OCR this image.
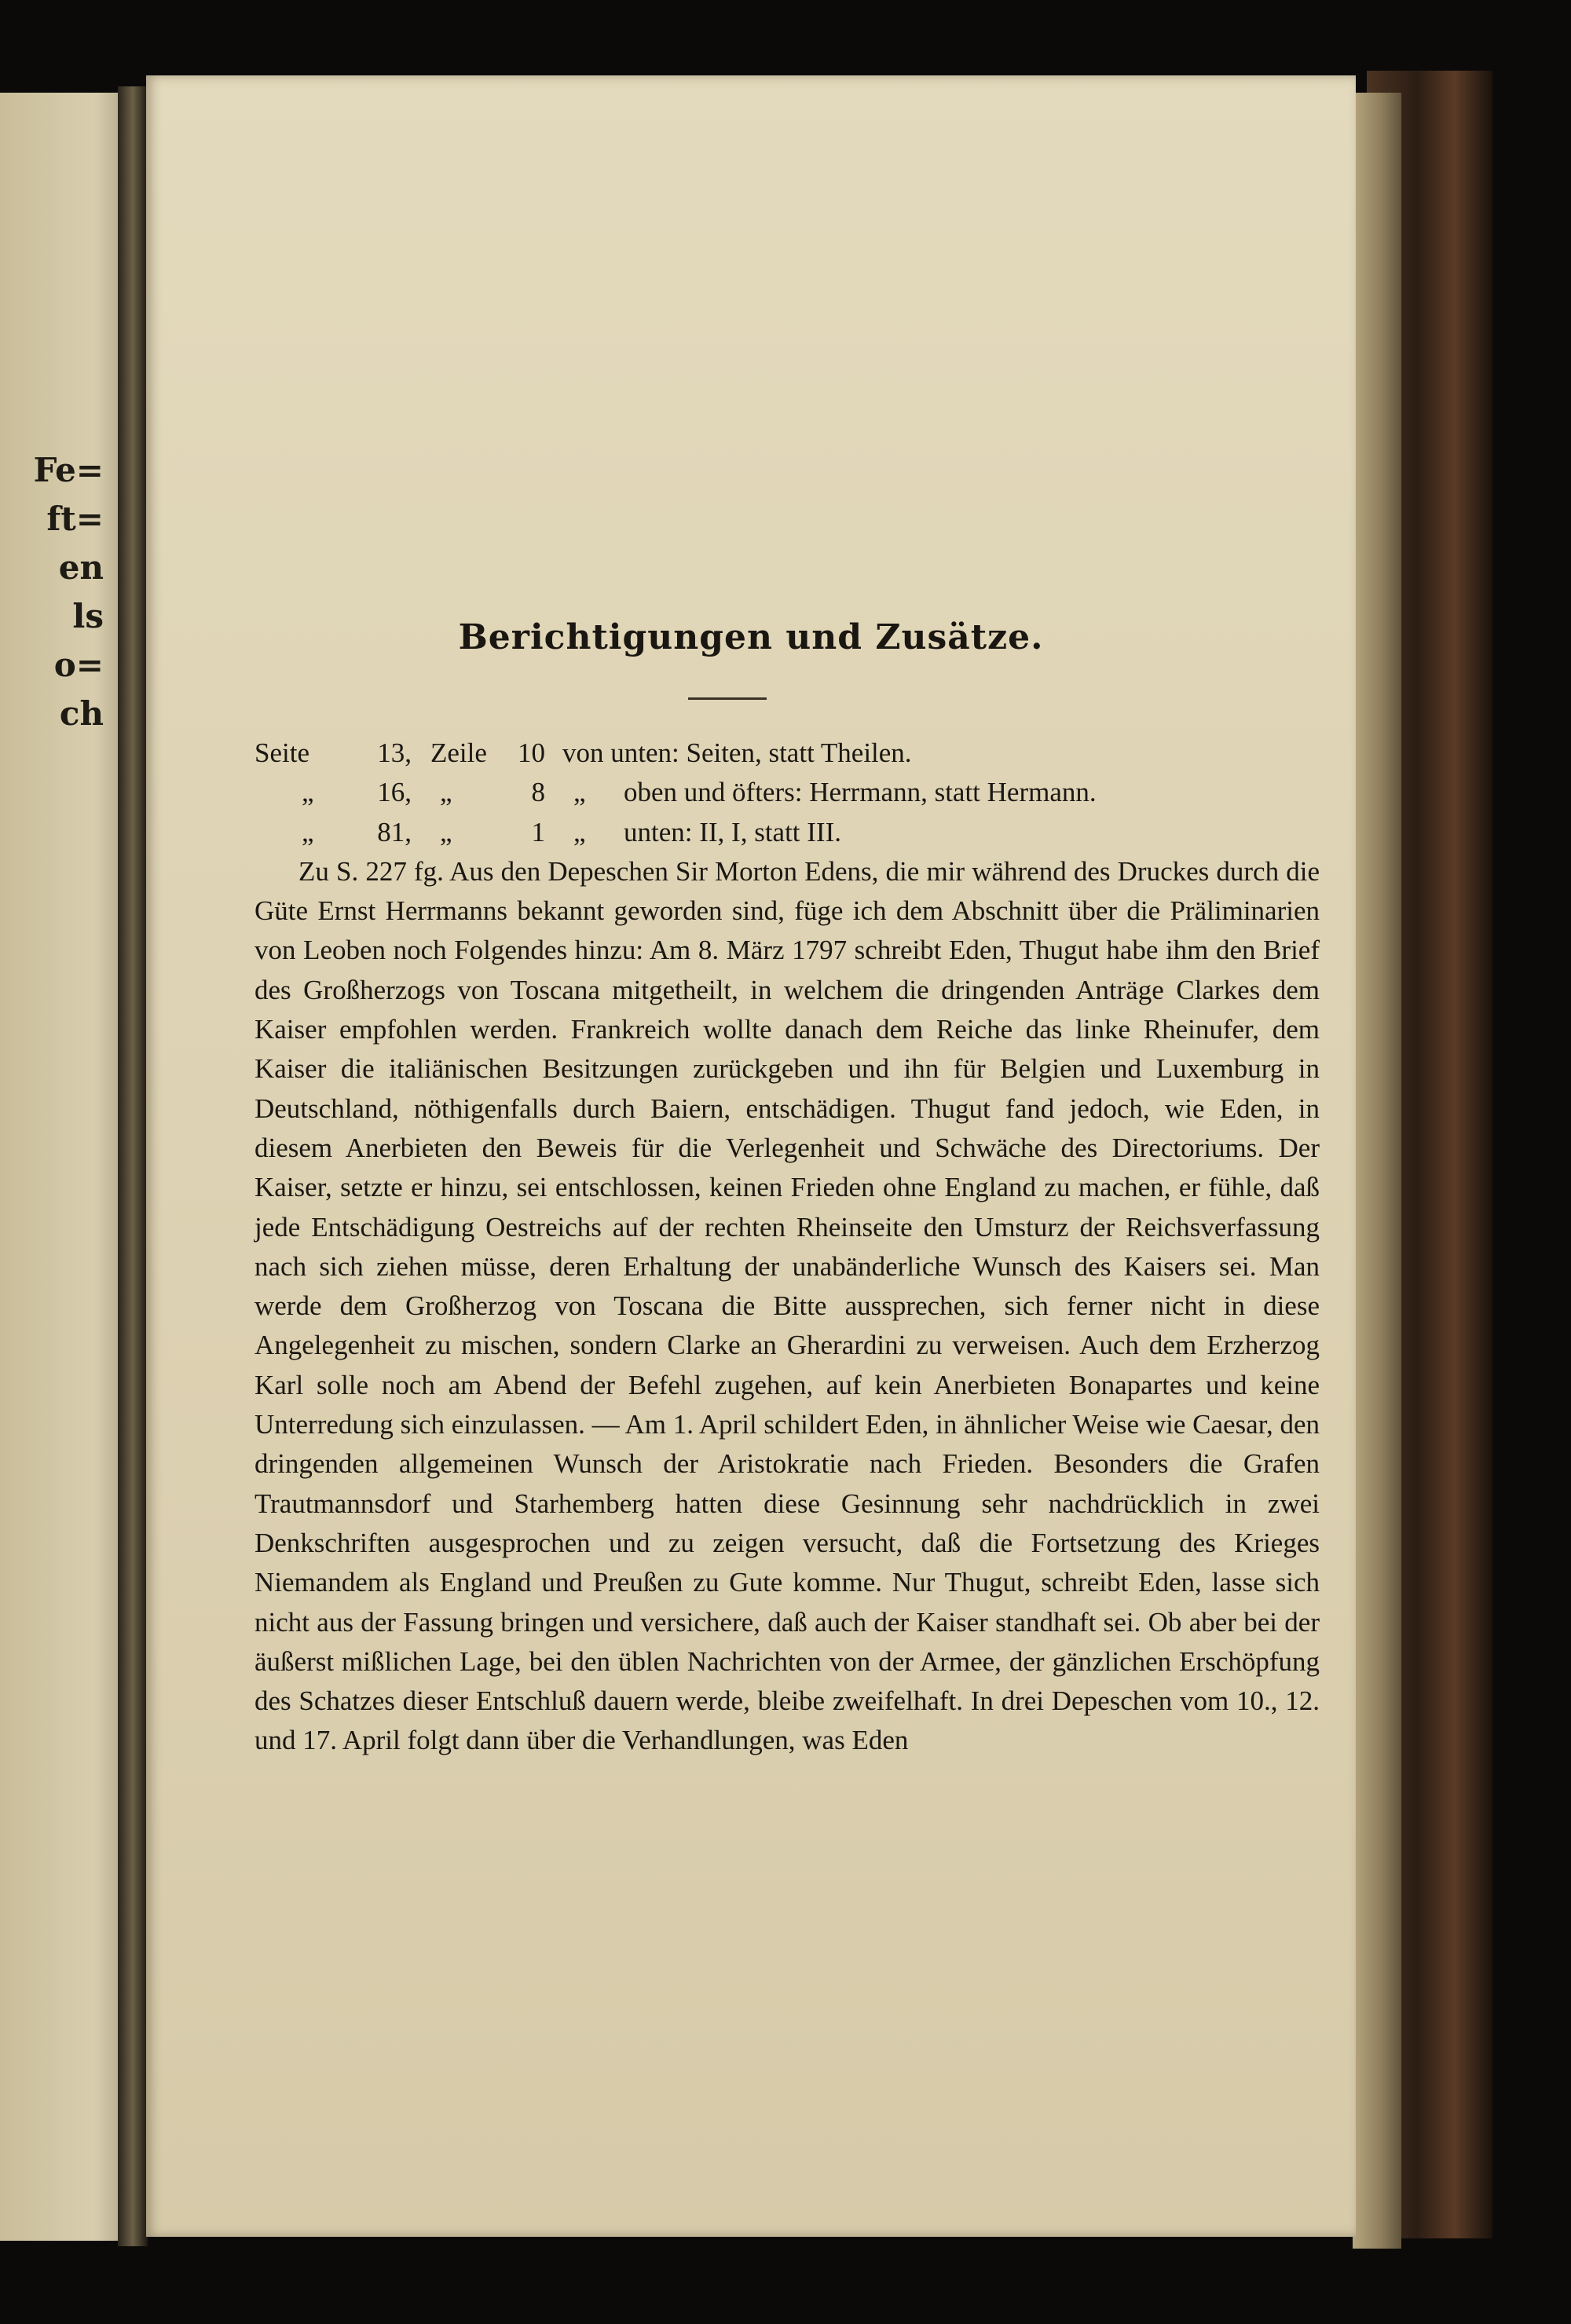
Fe=
ft=
en
ls
o=
ch
Berichtigungen und Zusätze.
Seite	13, Zeile	10 von unten: Seiten, statt Theilen.
„	16, „	8 „ oben und öfters: Herrmann, statt Hermann.
„	81, „	1 „ unten: II, I, statt III.

Zu S. 227 fg. Aus den Depeschen Sir Morton Edens, die mir während des Druckes durch die Güte Ernst Herrmanns bekannt geworden sind, füge ich dem Abschnitt über die Präliminarien von Leoben noch Folgendes hinzu: Am 8. März 1797 schreibt Eden, Thugut habe ihm den Brief des Großherzogs von Toscana mitgetheilt, in welchem die dringenden Anträge Clarkes dem Kaiser empfohlen werden. Frankreich wollte danach dem Reiche das linke Rheinufer, dem Kaiser die italiänischen Besitzungen zurückgeben und ihn für Belgien und Luxemburg in Deutschland, nöthigenfalls durch Baiern, entschädigen. Thugut fand jedoch, wie Eden, in diesem Anerbieten den Beweis für die Verlegenheit und Schwäche des Directoriums. Der Kaiser, setzte er hinzu, sei entschlossen, keinen Frieden ohne England zu machen, er fühle, daß jede Entschädigung Oestreichs auf der rechten Rheinseite den Umsturz der Reichsverfassung nach sich ziehen müsse, deren Erhaltung der unabänderliche Wunsch des Kaisers sei. Man werde dem Großherzog von Toscana die Bitte aussprechen, sich ferner nicht in diese Angelegenheit zu mischen, sondern Clarke an Gherardini zu verweisen. Auch dem Erzherzog Karl solle noch am Abend der Befehl zugehen, auf kein Anerbieten Bonapartes und keine Unterredung sich einzulassen. — Am 1. April schildert Eden, in ähnlicher Weise wie Caesar, den dringenden allgemeinen Wunsch der Aristokratie nach Frieden. Besonders die Grafen Trautmannsdorf und Starhemberg hatten diese Gesinnung sehr nachdrücklich in zwei Denkschriften ausgesprochen und zu zeigen versucht, daß die Fortsetzung des Krieges Niemandem als England und Preußen zu Gute komme. Nur Thugut, schreibt Eden, lasse sich nicht aus der Fassung bringen und versichere, daß auch der Kaiser standhaft sei. Ob aber bei der äußerst mißlichen Lage, bei den üblen Nachrichten von der Armee, der gänzlichen Erschöpfung des Schatzes dieser Entschluß dauern werde, bleibe zweifelhaft. In drei Depeschen vom 10., 12. und 17. April folgt dann über die Verhandlungen, was Eden
